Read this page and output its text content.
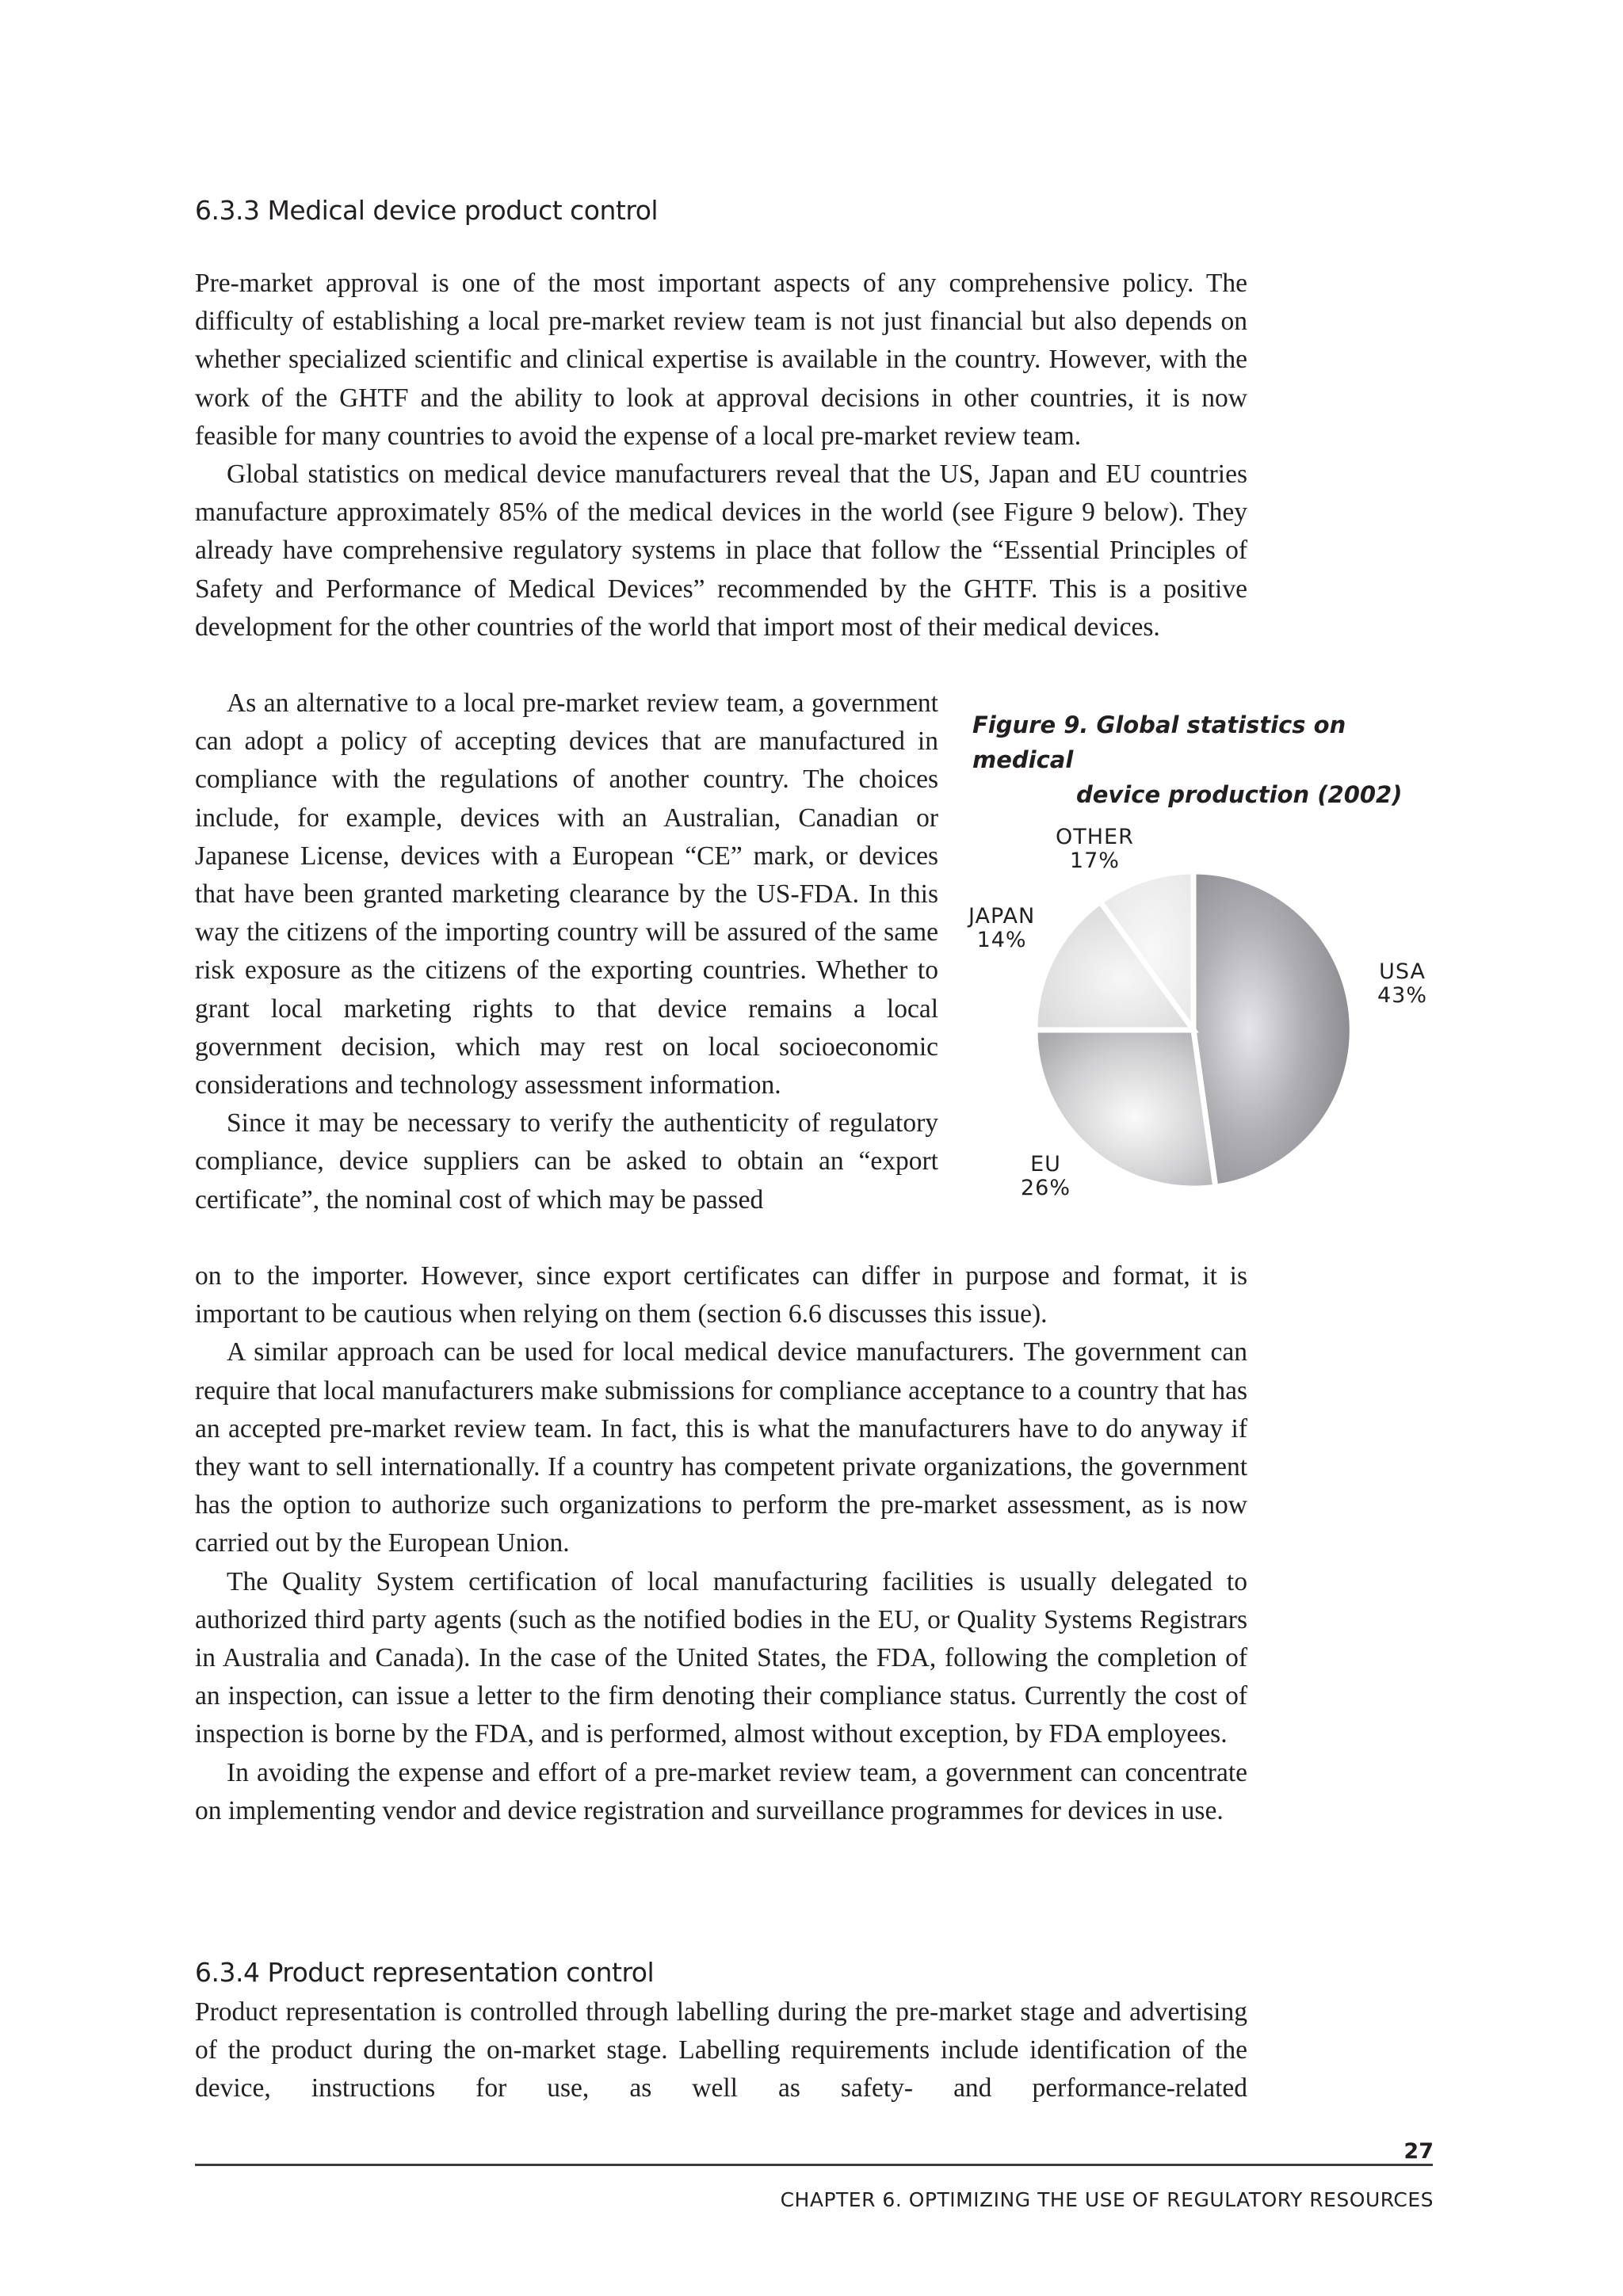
6.3.3 Medical device product control

Pre-market approval is one of the most important aspects of any comprehensive policy. The difficulty of establishing a local pre-market review team is not just financial but also depends on whether specialized scientific and clinical expertise is available in the country. However, with the work of the GHTF and the ability to look at approval decisions in other countries, it is now feasible for many countries to avoid the expense of a local pre-market review team.

Global statistics on medical device manufacturers reveal that the US, Japan and EU countries manufacture approximately 85% of the medical devices in the world (see Figure 9 below). They already have comprehensive regulatory systems in place that follow the “Essential Principles of Safety and Performance of Medical Devices” recommended by the GHTF. This is a positive development for the other countries of the world that import most of their medical devices.

As an alternative to a local pre-market review team, a government can adopt a policy of accepting devices that are manufactured in compliance with the regulations of another country. The choices include, for example, devices with an Australian, Canadian or Japanese License, devices with a European “CE” mark, or devices that have been granted marketing clearance by the US-FDA. In this way the citizens of the importing country will be assured of the same risk exposure as the citizens of the exporting countries. Whether to grant local marketing rights to that device remains a local government decision, which may rest on local socioeconomic considerations and technology assessment information.

Since it may be necessary to verify the authenticity of regulatory compliance, device suppliers can be asked to obtain an “export certificate”, the nominal cost of which may be passed

on to the importer. However, since export certificates can differ in purpose and format, it is important to be cautious when relying on them (section 6.6 discusses this issue).

A similar approach can be used for local medical device manufacturers. The government can require that local manufacturers make submissions for compliance acceptance to a country that has an accepted pre-market review team. In fact, this is what the manufacturers have to do anyway if they want to sell internationally. If a country has competent private organizations, the government has the option to authorize such organizations to perform the pre-market assessment, as is now carried out by the European Union.

The Quality System certification of local manufacturing facilities is usually delegated to authorized third party agents (such as the notified bodies in the EU, or Quality Systems Registrars in Australia and Canada). In the case of the United States, the FDA, following the completion of an inspection, can issue a letter to the firm denoting their compliance status. Currently the cost of inspection is borne by the FDA, and is performed, almost without exception, by FDA employees.

In avoiding the expense and effort of a pre-market review team, a government can concentrate on implementing vendor and device registration and surveillance programmes for devices in use.

6.3.4 Product representation control

Product representation is controlled through labelling during the pre-market stage and advertising of the product during the on-market stage. Labelling requirements include identification of the device, instructions for use, as well as safety- and performance-related

Figure 9. Global statistics on medical
device production (2002)
OTHER
17%
JAPAN
14%
USA
43%
EU
26%
27
CHAPTER 6. OPTIMIZING THE USE OF REGULATORY RESOURCES
